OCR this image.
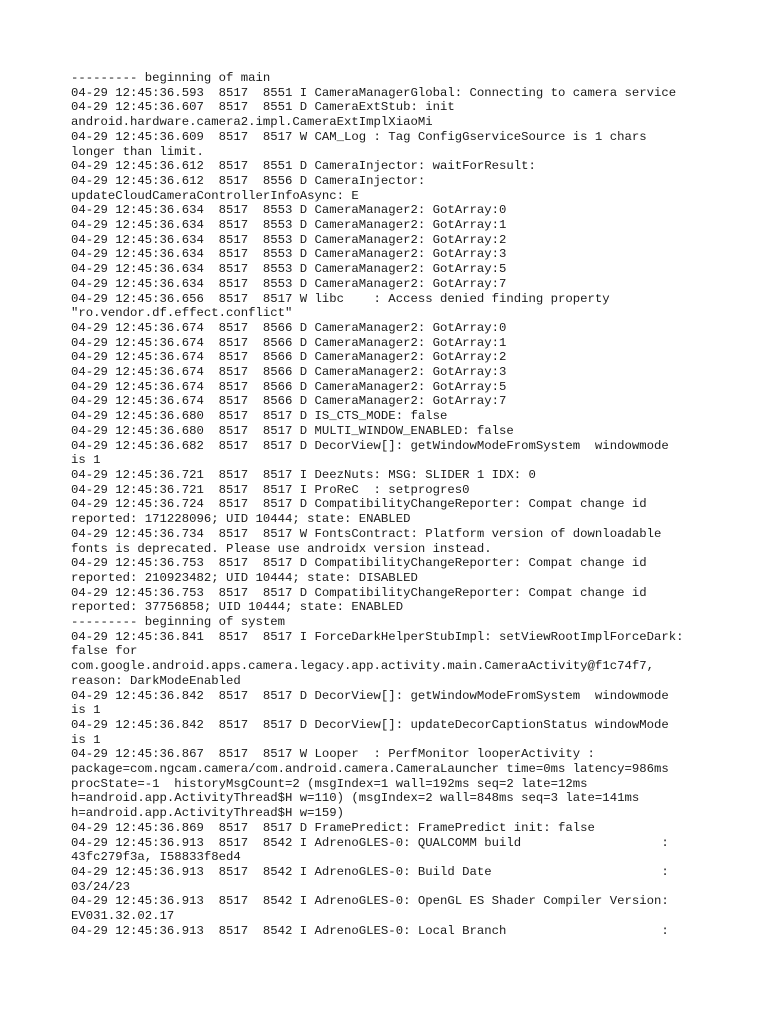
--------- beginning of main
04-29 12:45:36.593  8517  8551 I CameraManagerGlobal: Connecting to camera service
04-29 12:45:36.607  8517  8551 D CameraExtStub: init
android.hardware.camera2.impl.CameraExtImplXiaoMi
04-29 12:45:36.609  8517  8517 W CAM_Log : Tag ConfigGserviceSource is 1 chars
longer than limit.
04-29 12:45:36.612  8517  8551 D CameraInjector: waitForResult:
04-29 12:45:36.612  8517  8556 D CameraInjector:
updateCloudCameraControllerInfoAsync: E
04-29 12:45:36.634  8517  8553 D CameraManager2: GotArray:0
04-29 12:45:36.634  8517  8553 D CameraManager2: GotArray:1
04-29 12:45:36.634  8517  8553 D CameraManager2: GotArray:2
04-29 12:45:36.634  8517  8553 D CameraManager2: GotArray:3
04-29 12:45:36.634  8517  8553 D CameraManager2: GotArray:5
04-29 12:45:36.634  8517  8553 D CameraManager2: GotArray:7
04-29 12:45:36.656  8517  8517 W libc    : Access denied finding property
"ro.vendor.df.effect.conflict"
04-29 12:45:36.674  8517  8566 D CameraManager2: GotArray:0
04-29 12:45:36.674  8517  8566 D CameraManager2: GotArray:1
04-29 12:45:36.674  8517  8566 D CameraManager2: GotArray:2
04-29 12:45:36.674  8517  8566 D CameraManager2: GotArray:3
04-29 12:45:36.674  8517  8566 D CameraManager2: GotArray:5
04-29 12:45:36.674  8517  8566 D CameraManager2: GotArray:7
04-29 12:45:36.680  8517  8517 D IS_CTS_MODE: false
04-29 12:45:36.680  8517  8517 D MULTI_WINDOW_ENABLED: false
04-29 12:45:36.682  8517  8517 D DecorView[]: getWindowModeFromSystem  windowmode
is 1
04-29 12:45:36.721  8517  8517 I DeezNuts: MSG: SLIDER 1 IDX: 0
04-29 12:45:36.721  8517  8517 I ProReC  : setprogres0
04-29 12:45:36.724  8517  8517 D CompatibilityChangeReporter: Compat change id
reported: 171228096; UID 10444; state: ENABLED
04-29 12:45:36.734  8517  8517 W FontsContract: Platform version of downloadable
fonts is deprecated. Please use androidx version instead.
04-29 12:45:36.753  8517  8517 D CompatibilityChangeReporter: Compat change id
reported: 210923482; UID 10444; state: DISABLED
04-29 12:45:36.753  8517  8517 D CompatibilityChangeReporter: Compat change id
reported: 37756858; UID 10444; state: ENABLED
--------- beginning of system
04-29 12:45:36.841  8517  8517 I ForceDarkHelperStubImpl: setViewRootImplForceDark:
false for
com.google.android.apps.camera.legacy.app.activity.main.CameraActivity@f1c74f7,
reason: DarkModeEnabled
04-29 12:45:36.842  8517  8517 D DecorView[]: getWindowModeFromSystem  windowmode
is 1
04-29 12:45:36.842  8517  8517 D DecorView[]: updateDecorCaptionStatus windowMode
is 1
04-29 12:45:36.867  8517  8517 W Looper  : PerfMonitor looperActivity :
package=com.ngcam.camera/com.android.camera.CameraLauncher time=0ms latency=986ms
procState=-1  historyMsgCount=2 (msgIndex=1 wall=192ms seq=2 late=12ms
h=android.app.ActivityThread$H w=110) (msgIndex=2 wall=848ms seq=3 late=141ms
h=android.app.ActivityThread$H w=159)
04-29 12:45:36.869  8517  8517 D FramePredict: FramePredict init: false
04-29 12:45:36.913  8517  8542 I AdrenoGLES-0: QUALCOMM build                   :
43fc279f3a, I58833f8ed4
04-29 12:45:36.913  8517  8542 I AdrenoGLES-0: Build Date                       :
03/24/23
04-29 12:45:36.913  8517  8542 I AdrenoGLES-0: OpenGL ES Shader Compiler Version:
EV031.32.02.17
04-29 12:45:36.913  8517  8542 I AdrenoGLES-0: Local Branch                     :
